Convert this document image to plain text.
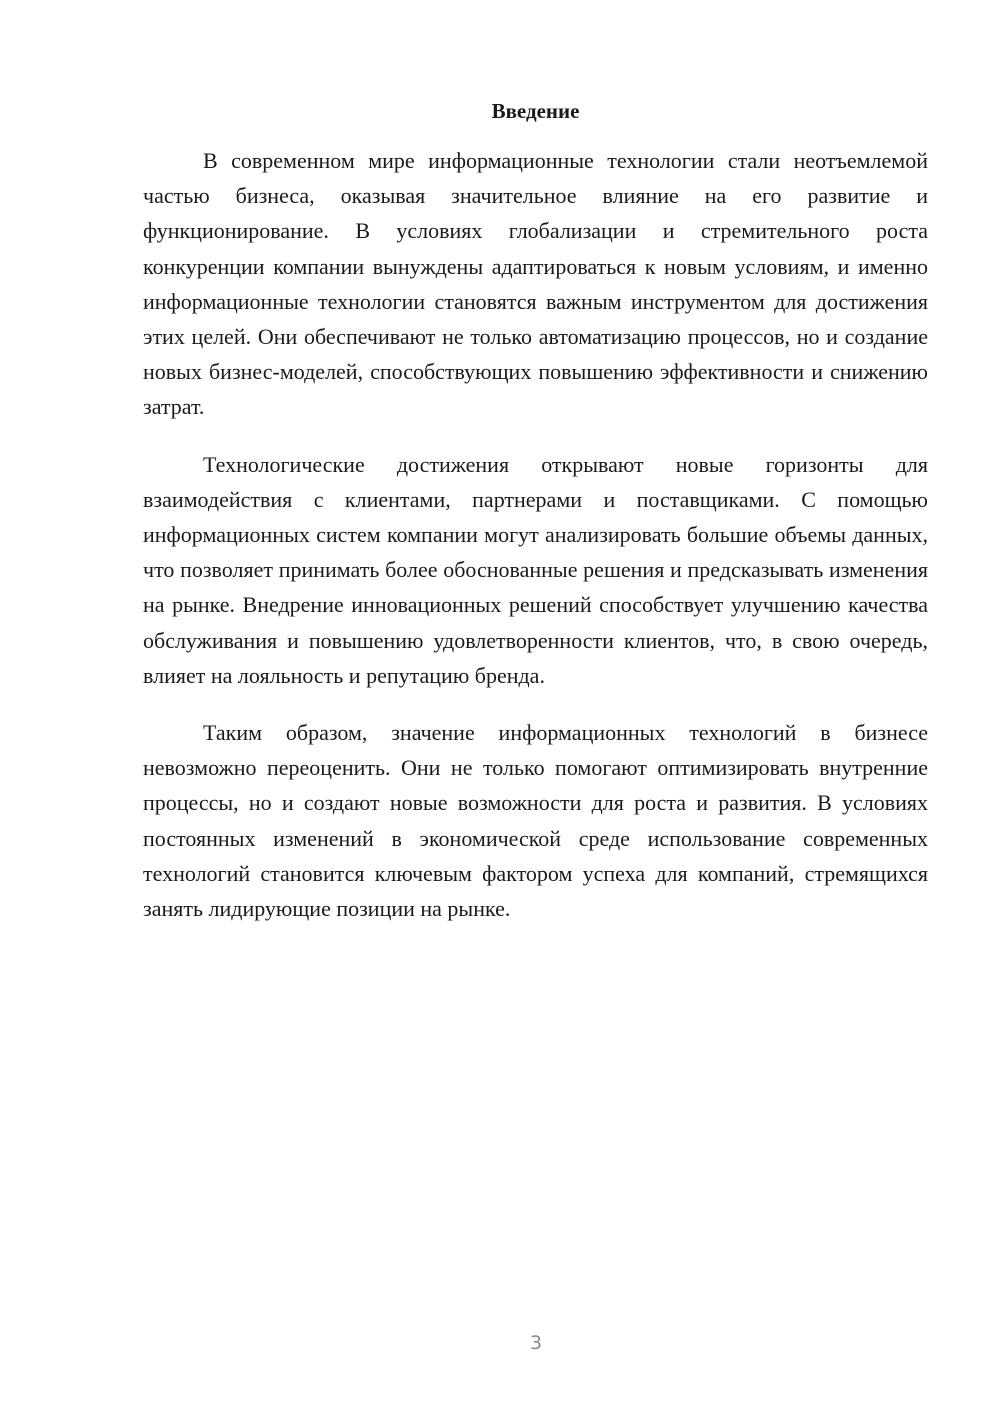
Введение

В современном мире информационные технологии стали неотъемлемой частью бизнеса, оказывая значительное влияние на его развитие и функционирование. В условиях глобализации и стремительного роста конкуренции компании вынуждены адаптироваться к новым условиям, и именно информационные технологии становятся важным инструментом для достижения этих целей. Они обеспечивают не только автоматизацию процессов, но и создание новых бизнес-моделей, способствующих повышению эффективности и снижению затрат.

Технологические достижения открывают новые горизонты для взаимодействия с клиентами, партнерами и поставщиками. С помощью информационных систем компании могут анализировать большие объемы данных, что позволяет принимать более обоснованные решения и предсказывать изменения на рынке. Внедрение инновационных решений способствует улучшению качества обслуживания и повышению удовлетворенности клиентов, что, в свою очередь, влияет на лояльность и репутацию бренда.

Таким образом, значение информационных технологий в бизнесе невозможно переоценить. Они не только помогают оптимизировать внутренние процессы, но и создают новые возможности для роста и развития. В условиях постоянных изменений в экономической среде использование современных технологий становится ключевым фактором успеха для компаний, стремящихся занять лидирующие позиции на рынке.

3
